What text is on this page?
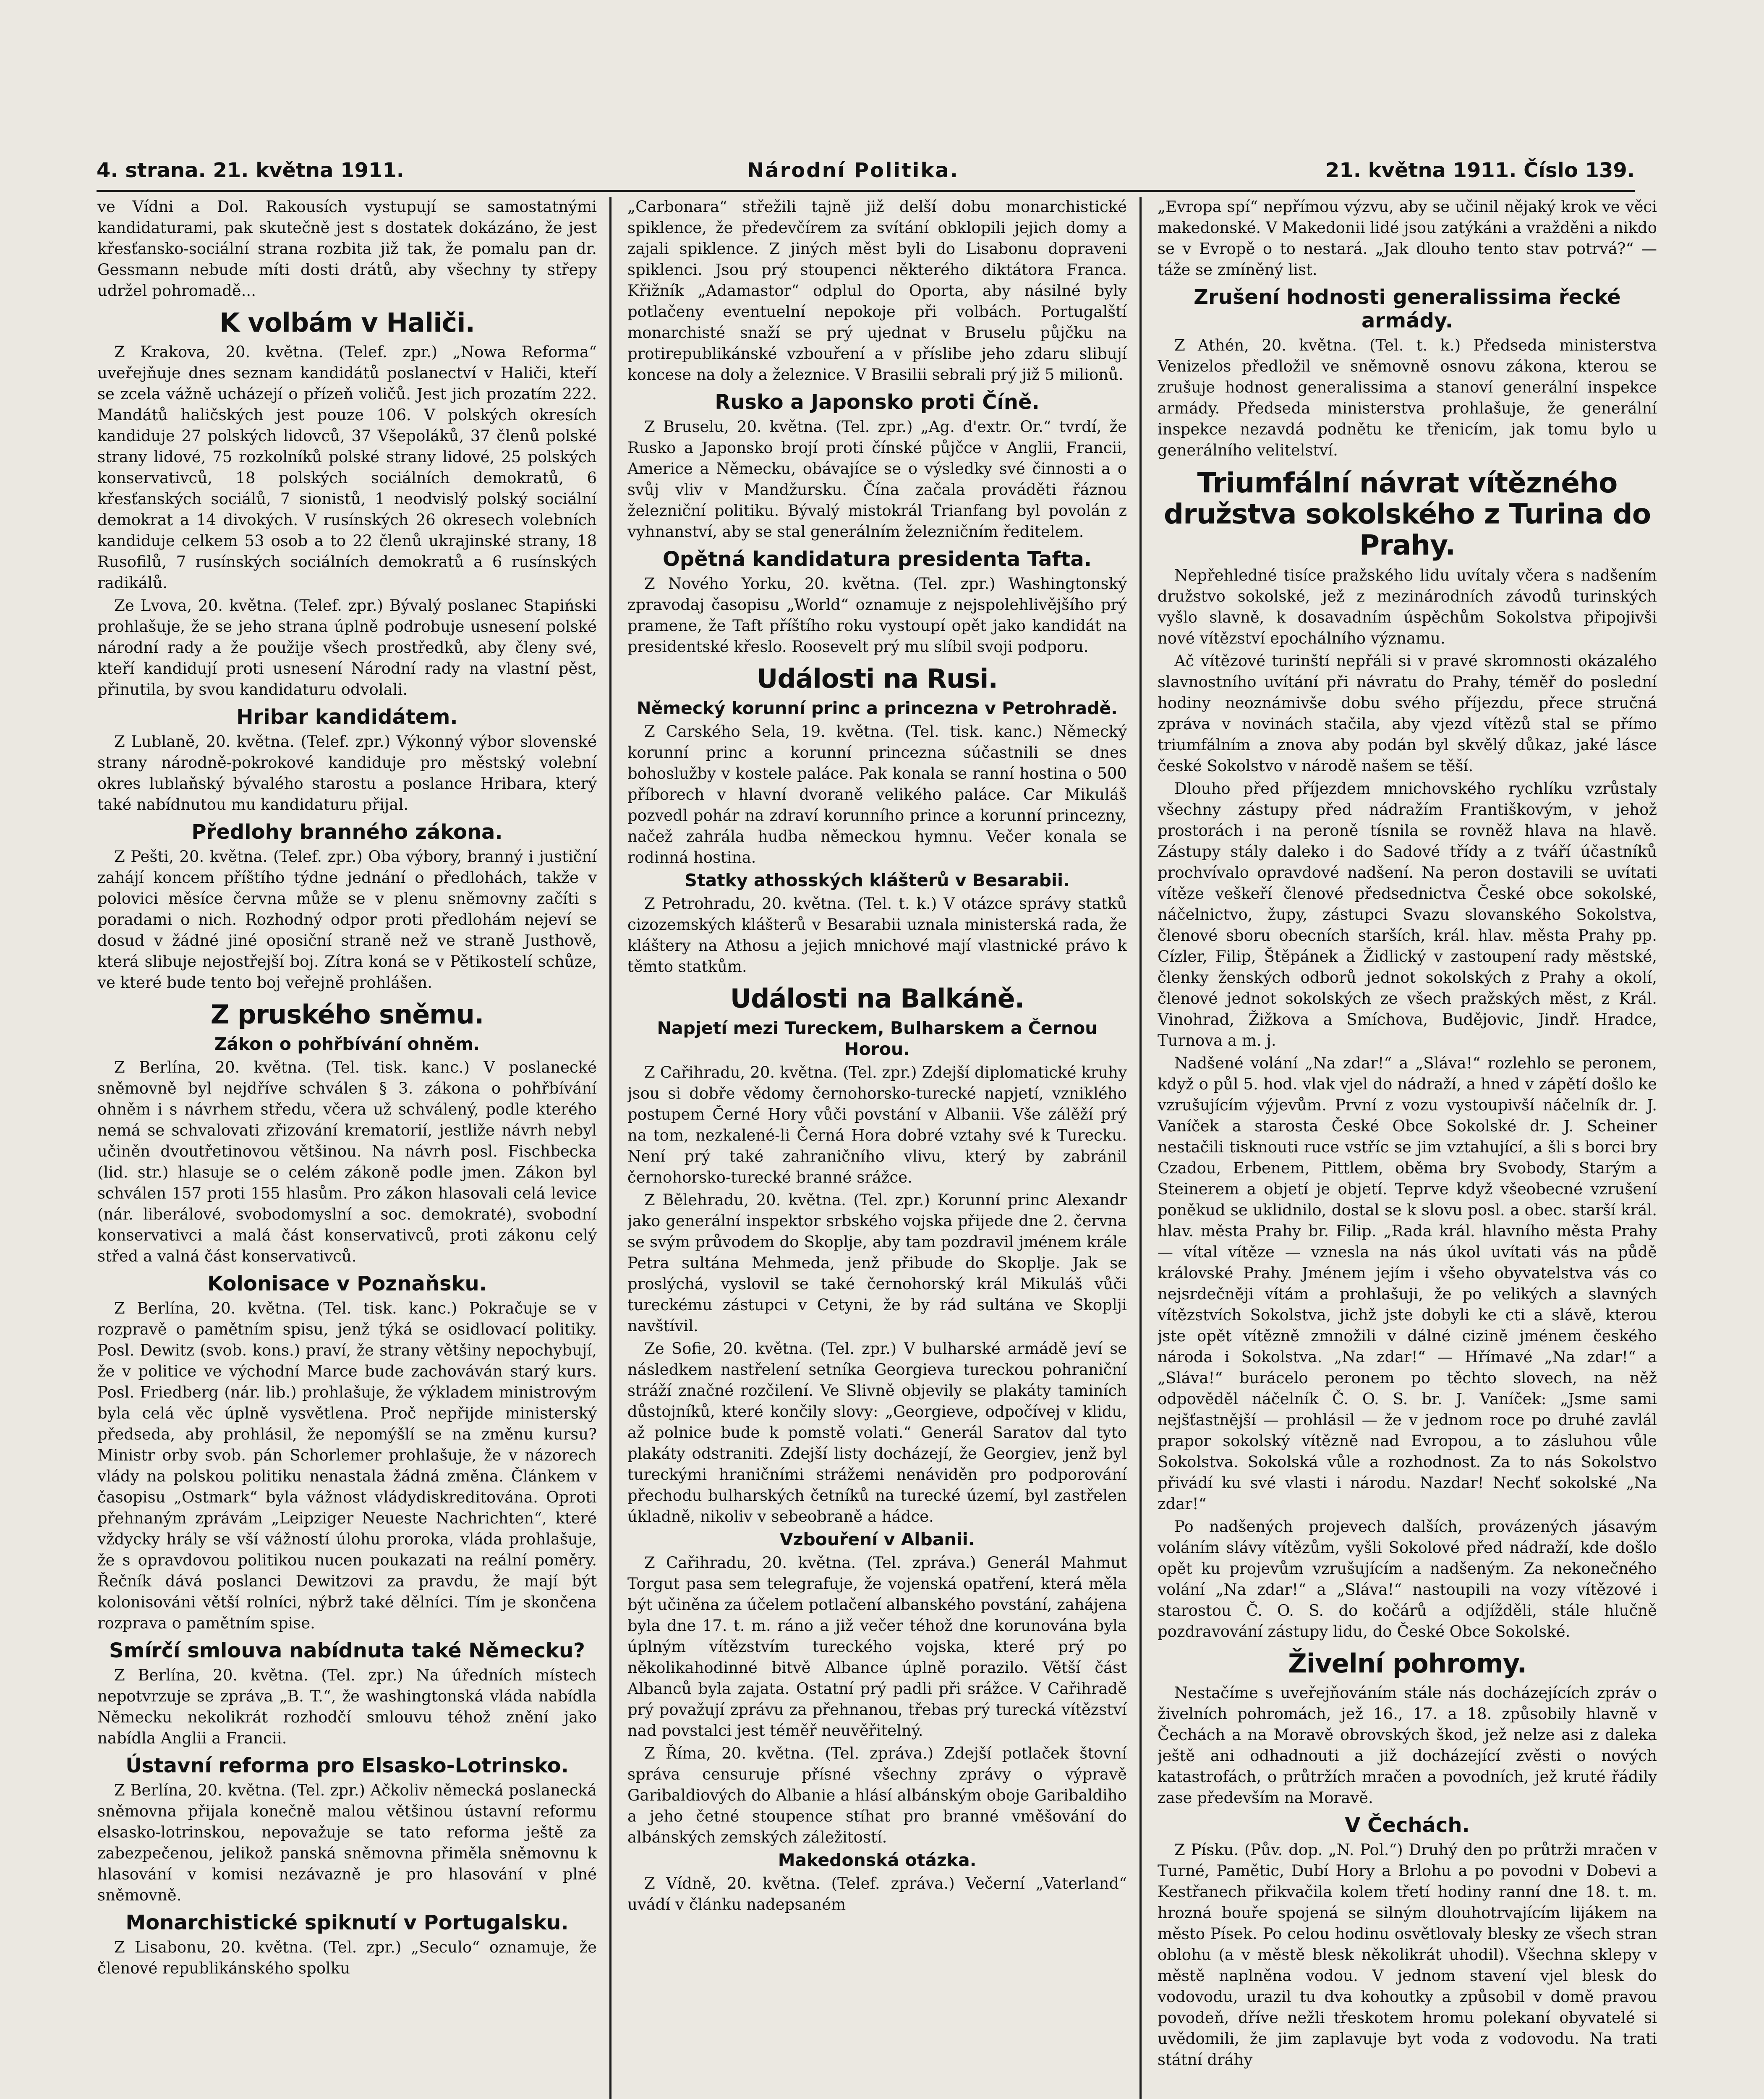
4. strana. 21. května 1911.	Národní Politika.	21. května 1911. Číslo 139.

ve Vídni a Dol. Rakousích vystupují se samostatnými kandidaturami, pak skutečně jest s dostatek dokázáno, že jest křesťansko-sociální strana rozbita již tak, že pomalu pan dr. Gessmann nebude míti dosti drátů, aby všechny ty střepy udržel pohromadě...

K volbám v Haliči.

Z Krakova, 20. května. (Telef. zpr.) „Nowa Reforma“ uveřejňuje dnes seznam kandidátů poslanectví v Haliči, kteří se zcela vážně ucházejí o přízeň voličů. Jest jich prozatím 222. Mandátů haličských jest pouze 106. V polských okresích kandiduje 27 polských lidovců, 37 Všepoláků, 37 členů polské strany lidové, 75 rozkolníků polské strany lidové, 25 polských konservativců, 18 polských sociálních demokratů, 6 křesťanských sociálů, 7 sionistů, 1 neodvislý polský sociální demokrat a 14 divokých. V rusínských 26 okresech volebních kandiduje celkem 53 osob a to 22 členů ukrajinské strany, 18 Rusofilů, 7 rusínských sociálních demokratů a 6 rusínských radikálů.

Ze Lvova, 20. května. (Telef. zpr.) Bývalý poslanec Stapiński prohlašuje, že se jeho strana úplně podrobuje usnesení polské národní rady a že použije všech prostředků, aby členy své, kteří kandidují proti usnesení Národní rady na vlastní pěst, přinutila, by svou kandidaturu odvolali.

Hribar kandidátem.

Z Lublaně, 20. května. (Telef. zpr.) Výkonný výbor slovenské strany národně-pokrokové kandiduje pro městský volební okres lublaňský bývalého starostu a poslance Hribara, který také nabídnutou mu kandidaturu přijal.

Předlohy branného zákona.

Z Pešti, 20. května. (Telef. zpr.) Oba výbory, branný i justiční zahájí koncem příštího týdne jednání o předlohách, takže v polovici měsíce června může se v plenu sněmovny začíti s poradami o nich. Rozhodný odpor proti předlohám nejeví se dosud v žádné jiné oposiční straně než ve straně Justhově, která slibuje nejostřejší boj. Zítra koná se v Pětikostelí schůze, ve které bude tento boj veřejně prohlášen.

Z pruského sněmu.
Zákon o pohřbívání ohněm.

Z Berlína, 20. května. (Tel. tisk. kanc.) V poslanecké sněmovně byl nejdříve schválen § 3. zákona o pohřbívání ohněm i s návrhem středu, včera už schválený, podle kterého nemá se schvalovati zřizování krematorií, jestliže návrh nebyl učiněn dvoutřetinovou většinou. Na návrh posl. Fischbecka (lid. str.) hlasuje se o celém zákoně podle jmen. Zákon byl schválen 157 proti 155 hlasům. Pro zákon hlasovali celá levice (nár. liberálové, svobodomyslní a soc. demokraté), svobodní konservativci a malá část konservativců, proti zákonu celý střed a valná část konservativců.

Kolonisace v Poznaňsku.

Z Berlína, 20. května. (Tel. tisk. kanc.) Pokračuje se v rozpravě o pamětním spisu, jenž týká se osidlovací politiky. Posl. Dewitz (svob. kons.) praví, že strany většiny nepochybují, že v politice ve východní Marce bude zachováván starý kurs. Posl. Friedberg (nár. lib.) prohlašuje, že výkladem ministrovým byla celá věc úplně vysvětlena. Proč nepřijde ministerský předseda, aby prohlásil, že nepomýšlí se na změnu kursu? Ministr orby svob. pán Schorlemer prohlašuje, že v názorech vlády na polskou politiku nenastala žádná změna. Článkem v časopisu „Ostmark“ byla vážnost vládydiskreditována. Oproti přehnaným zprávám „Leipziger Neueste Nachrichten“, které vždycky hrály se vší vážností úlohu proroka, vláda prohlašuje, že s opravdovou politikou nucen poukazati na reální poměry. Řečník dává poslanci Dewitzovi za pravdu, že mají být kolonisováni větší rolníci, nýbrž také dělníci. Tím je skončena rozprava o pamětním spise.

Smírčí smlouva nabídnuta také Německu?

Z Berlína, 20. května. (Tel. zpr.) Na úředních místech nepotvrzuje se zpráva „B. T.“, že washingtonská vláda nabídla Německu nekolikrát rozhodčí smlouvu téhož znění jako nabídla Anglii a Francii.

Ústavní reforma pro Elsasko-Lotrinsko.

Z Berlína, 20. května. (Tel. zpr.) Ačkoliv německá poslanecká sněmovna přijala konečně malou většinou ústavní reformu elsasko-lotrinskou, nepovažuje se tato reforma ještě za zabezpečenou, jelikož panská sněmovna přiměla sněmovnu k hlasování v komisi nezávazně je pro hlasování v plné sněmovně.

Monarchistické spiknutí v Portugalsku.

Z Lisabonu, 20. května. (Tel. zpr.) „Seculo“ oznamuje, že členové republikánského spolku

„Carbonara“ střežili tajně již delší dobu monarchistické spiklence, že předevčírem za svítání obklopili jejich domy a zajali spiklence. Z jiných měst byli do Lisabonu dopraveni spiklenci. Jsou prý stoupenci některého diktátora Franca. Křižník „Adamastor“ odplul do Oporta, aby násilné byly potlačeny eventuelní nepokoje při volbách. Portugalští monarchisté snaží se prý ujednat v Bruselu půjčku na protirepublikánské vzbouření a v příslibe jeho zdaru slibují koncese na doly a železnice. V Brasilii sebrali prý již 5 milionů.

Rusko a Japonsko proti Číně.

Z Bruselu, 20. května. (Tel. zpr.) „Ag. d'extr. Or.“ tvrdí, že Rusko a Japonsko brojí proti čínské půjčce v Anglii, Francii, Americe a Německu, obávajíce se o výsledky své činnosti a o svůj vliv v Mandžursku. Čína začala prováděti řáznou železniční politiku. Bývalý mistokrál Trianfang byl povolán z vyhnanství, aby se stal generálním železničním ředitelem.

Opětná kandidatura presidenta Tafta.

Z Nového Yorku, 20. května. (Tel. zpr.) Washingtonský zpravodaj časopisu „World“ oznamuje z nejspolehlivějšího prý pramene, že Taft příštího roku vystoupí opět jako kandidát na presidentské křeslo. Roosevelt prý mu slíbil svoji podporu.

Události na Rusi.
Německý korunní princ a princezna v Petrohradě.

Z Carského Sela, 19. května. (Tel. tisk. kanc.) Německý korunní princ a korunní princezna súčastnili se dnes bohoslužby v kostele paláce. Pak konala se ranní hostina o 500 příborech v hlavní dvoraně velikého paláce. Car Mikuláš pozvedl pohár na zdraví korunního prince a korunní princezny, načež zahrála hudba německou hymnu. Večer konala se rodinná hostina.

Statky athosských klášterů v Besarabii.

Z Petrohradu, 20. května. (Tel. t. k.) V otázce správy statků cizozemských klášterů v Besarabii uznala ministerská rada, že kláštery na Athosu a jejich mnichové mají vlastnické právo k těmto statkům.

Události na Balkáně.
Napjetí mezi Tureckem, Bulharskem a Černou Horou.

Z Cařihradu, 20. května. (Tel. zpr.) Zdejší diplomatické kruhy jsou si dobře vědomy černohorsko-turecké napjetí, vzniklého postupem Černé Hory vůči povstání v Albanii. Vše zálěží prý na tom, nezkalené-li Černá Hora dobré vztahy své k Turecku. Není prý také zahraničního vlivu, který by zabránil černohorsko-turecké branné srážce.

Z Bělehradu, 20. května. (Tel. zpr.) Korunní princ Alexandr jako generální inspektor srbského vojska přijede dne 2. června se svým průvodem do Skoplje, aby tam pozdravil jménem krále Petra sultána Mehmeda, jenž přibude do Skoplje. Jak se proslýchá, vyslovil se také černohorský král Mikuláš vůči tureckému zástupci v Cetyni, že by rád sultána ve Skoplji navštívil.

Ze Sofie, 20. května. (Tel. zpr.) V bulharské armádě jeví se následkem nastřelení setníka Georgieva tureckou pohraniční stráží značné rozčilení. Ve Slivně objevily se plakáty taminích důstojníků, které končily slovy: „Georgieve, odpočívej v klidu, až polnice bude k pomstě volati.“ Generál Saratov dal tyto plakáty odstraniti. Zdejší listy docházejí, že Georgiev, jenž byl tureckými hraničními strážemi nenáviděn pro podporování přechodu bulharských četníků na turecké území, byl zastřelen úkladně, nikoliv v sebeobraně a hádce.

Vzbouření v Albanii.

Z Cařihradu, 20. května. (Tel. zpráva.) Generál Mahmut Torgut pasa sem telegrafuje, že vojenská opatření, která měla být učiněna za účelem potlačení albanského povstání, zahájena byla dne 17. t. m. ráno a již večer téhož dne korunována byla úplným vítězstvím tureckého vojska, které prý po několikahodinné bitvě Albance úplně porazilo. Větší část Albanců byla zajata. Ostatní prý padli při srážce. V Cařihradě prý považují zprávu za přehnanou, třebas prý turecká vítězství nad povstalci jest téměř neuvěřitelný.

Z Říma, 20. května. (Tel. zpráva.) Zdejší potlaček štovní správa censuruje přísné všechny zprávy o výpravě Garibaldiových do Albanie a hlásí albánským oboje Garibaldiho a jeho četné stoupence stíhat pro branné vměšování do albánských zemských záležitostí.

Makedonská otázka.

Z Vídně, 20. května. (Telef. zpráva.) Večerní „Vaterland“ uvádí v článku nadepsaném

„Evropa spí“ nepřímou výzvu, aby se učinil nějaký krok ve věci makedonské. V Makedonii lidé jsou zatýkáni a vražděni a nikdo se v Evropě o to nestará. „Jak dlouho tento stav potrvá?“ — táže se zmíněný list.

Zrušení hodnosti generalissima řecké armády.

Z Athén, 20. května. (Tel. t. k.) Předseda ministerstva Venizelos předložil ve sněmovně osnovu zákona, kterou se zrušuje hodnost generalissima a stanoví generální inspekce armády. Předseda ministerstva prohlašuje, že generální inspekce nezavdá podnětu ke třenicím, jak tomu bylo u generálního velitelství.

Triumfální návrat vítězného družstva sokolského z Turina do Prahy.

Nepřehledné tisíce pražského lidu uvítaly včera s nadšením družstvo sokolské, jež z mezinárodních závodů turinských vyšlo slavně, k dosavadním úspěchům Sokolstva připojivši nové vítězství epochálního významu.

Ač vítězové turinští nepřáli si v pravé skromnosti okázalého slavnostního uvítání při návratu do Prahy, téměř do poslední hodiny neoznámivše dobu svého příjezdu, přece stručná zpráva v novinách stačila, aby vjezd vítězů stal se přímo triumfálním a znova aby podán byl skvělý důkaz, jaké lásce české Sokolstvo v národě našem se těší.

Dlouho před příjezdem mnichovského rychlíku vzrůstaly všechny zástupy před nádražím Františkovým, v jehož prostorách i na peroně tísnila se rovněž hlava na hlavě. Zástupy stály daleko i do Sadové třídy a z tváří účastníků prochvívalo opravdové nadšení. Na peron dostavili se uvítati vítěze veškeří členové předsednictva České obce sokolské, náčelnictvo, župy, zástupci Svazu slovanského Sokolstva, členové sboru obecních starších, král. hlav. města Prahy pp. Cízler, Filip, Štěpánek a Židlický v zastoupení rady městské, členky ženských odborů jednot sokolských z Prahy a okolí, členové jednot sokolských ze všech pražských měst, z Král. Vinohrad, Žižkova a Smíchova, Budějovic, Jindř. Hradce, Turnova a m. j.

Nadšené volání „Na zdar!“ a „Sláva!“ rozlehlo se peronem, když o půl 5. hod. vlak vjel do nádraží, a hned v zápětí došlo ke vzrušujícím výjevům. První z vozu vystoupivší náčelník dr. J. Vaníček a starosta České Obce Sokolské dr. J. Scheiner nestačili tisknouti ruce vstříc se jim vztahující, a šli s borci bry Czadou, Erbenem, Pittlem, oběma bry Svobody, Starým a Steinerem a objetí je objetí. Teprve když všeobecné vzrušení poněkud se uklidnilo, dostal se k slovu posl. a obec. starší král. hlav. města Prahy br. Filip. „Rada král. hlavního města Prahy — vítal vítěze — vznesla na nás úkol uvítati vás na půdě královské Prahy. Jménem jejím i všeho obyvatelstva vás co nejsrdečněji vítám a prohlašuji, že po velikých a slavných vítězstvích Sokolstva, jichž jste dobyli ke cti a slávě, kterou jste opět vítězně zmnožili v dálné cizině jménem českého národa i Sokolstva. „Na zdar!“ — Hřímavé „Na zdar!“ a „Sláva!“ burácelo peronem po těchto slovech, na něž odpověděl náčelník Č. O. S. br. J. Vaníček: „Jsme sami nejšťastnější — prohlásil — že v jednom roce po druhé zavlál prapor sokolský vítězně nad Evropou, a to zásluhou vůle Sokolstva. Sokolská vůle a rozhodnost. Za to nás Sokolstvo přivádí ku své vlasti i národu. Nazdar! Nechť sokolské „Na zdar!“

Po nadšených projevech dalších, provázených jásavým voláním slávy vítězům, vyšli Sokolové před nádraží, kde došlo opět ku projevům vzrušujícím a nadšeným. Za nekonečného volání „Na zdar!“ a „Sláva!“ nastoupili na vozy vítězové i starostou Č. O. S. do kočárů a odjížděli, stále hlučně pozdravování zástupy lidu, do České Obce Sokolské.

Živelní pohromy.

Nestačíme s uveřejňováním stále nás docházejících zpráv o živelních pohromách, jež 16., 17. a 18. způsobily hlavně v Čechách a na Moravě obrovských škod, jež nelze asi z daleka ještě ani odhadnouti a již docházející zvěsti o nových katastrofách, o průtržích mračen a povodních, jež kruté řádily zase především na Moravě.

V Čechách.

Z Písku. (Pův. dop. „N. Pol.“) Druhý den po průtrži mračen v Turné, Pamětic, Dubí Hory a Brlohu a po povodni v Dobevi a Kestřanech přikvačila kolem třetí hodiny ranní dne 18. t. m. hrozná bouře spojená se silným dlouhotrvajícím lijákem na město Písek. Po celou hodinu osvětlovaly blesky ze všech stran oblohu (a v městě blesk několikrát uhodil). Všechna sklepy v městě naplněna vodou. V jednom stavení vjel blesk do vodovodu, urazil tu dva kohoutky a způsobil v domě pravou povodeň, dříve nežli třeskotem hromu polekaní obyvatelé si uvědomili, že jim zaplavuje byt voda z vodovodu. Na trati státní dráhy
